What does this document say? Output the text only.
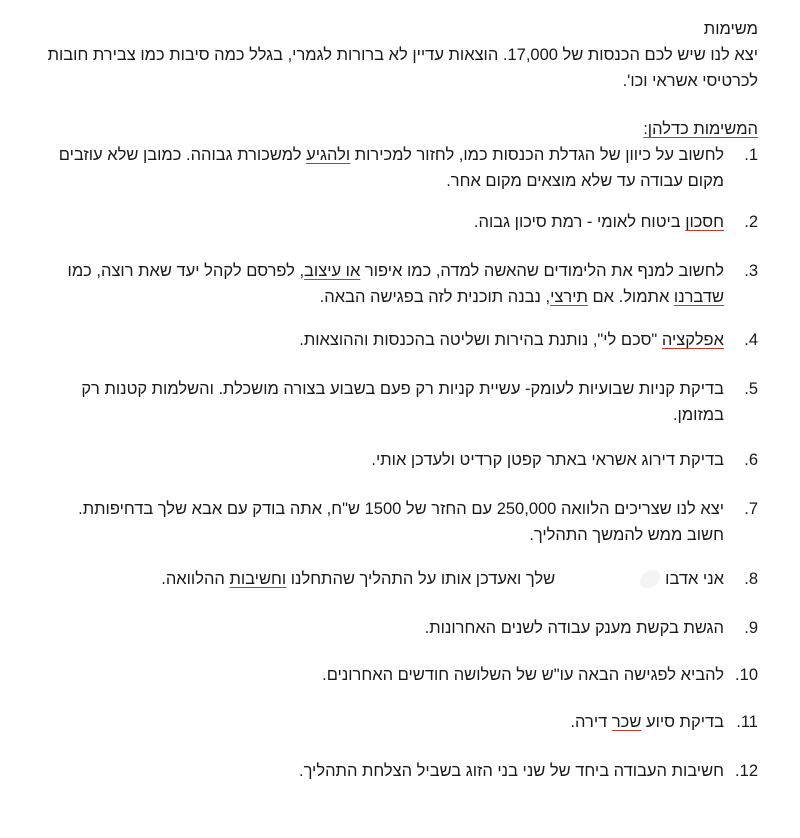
משימות

יצא לנו שיש לכם הכנסות של 17,000. הוצאות עדיין לא ברורות לגמרי, בגלל כמה סיבות כמו צבירת חובות לכרטיסי אשראי וכו'.

המשימות כדלהן:

1.
לחשוב על כיוון של הגדלת הכנסות כמו, לחזור למכירות ולהגיע למשכורת גבוהה. כמובן שלא עוזבים מקום עבודה עד שלא מוצאים מקום אחר.
2.
חסכון ביטוח לאומי - רמת סיכון גבוה.
3.
לחשוב למנף את הלימודים שהאשה למדה, כמו איפור או עיצוב, לפרסם לקהל יעד שאת רוצה, כמו שדברנו אתמול. אם תירצי, נבנה תוכנית לזה בפגישה הבאה.
4.
אפלקציה "סכם לי", נותנת בהירות ושליטה בהכנסות וההוצאות.
5.
בדיקת קניות שבועיות לעומק- עשיית קניות רק פעם בשבוע בצורה מושכלת. והשלמות קטנות רק במזומן.
6.
בדיקת דירוג אשראי באתר קפטן קרדיט ולעדכן אותי.
7.
יצא לנו שצריכים הלוואה 250,000 עם החזר של 1500 ש"ח, אתה בודק עם אבא שלך בדחיפותת. חשוב ממש להמשך התהליך.
8.
אני אדבושלך ואעדכן אותו על התהליך שהתחלנו וחשיבות ההלוואה.
9.
הגשת בקשת מענק עבודה לשנים האחרונות.
10.
להביא לפגישה הבאה עו"ש של השלושה חודשים האחרונים.
11.
בדיקת סיוע שכר דירה.
12.
חשיבות העבודה ביחד של שני בני הזוג בשביל הצלחת התהליך.
